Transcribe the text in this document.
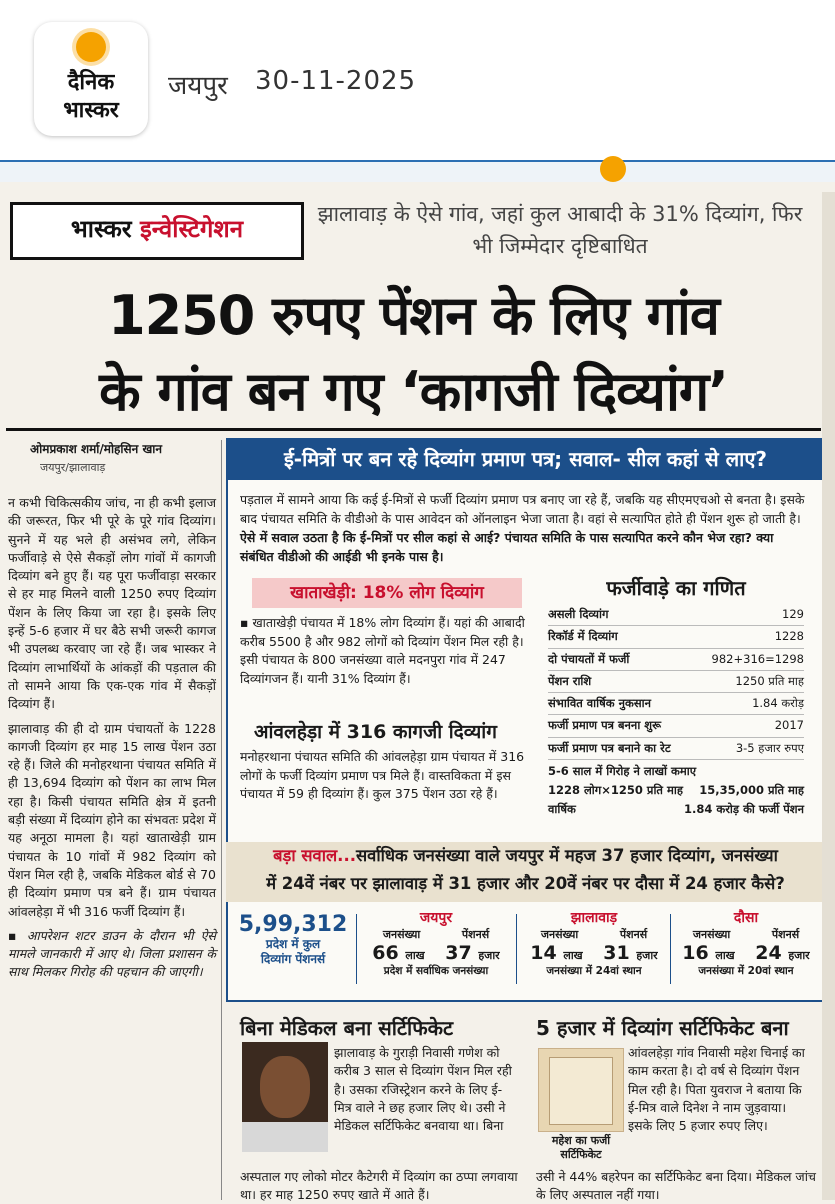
दैनिक
भास्कर
जयपुर 30-11-2025
भास्कर इन्वेस्टिगेशन
झालावाड़ के ऐसे गांव, जहां कुल आबादी के 31% दिव्यांग, फिर भी जिम्मेदार दृष्टिबाधित
1250 रुपए पेंशन के लिए गांव
के गांव बन गए ‘कागजी दिव्यांग’
ओमप्रकाश शर्मा/मोहसिन खान
जयपुर/झालावाड़

न कभी चिकित्सकीय जांच, ना ही कभी इलाज की जरूरत, फिर भी पूरे के पूरे गांव दिव्यांग। सुनने में यह भले ही असंभव लगे, लेकिन फर्जीवाड़े से ऐसे सैकड़ों लोग गांवों में कागजी दिव्यांग बने हुए हैं। यह पूरा फर्जीवाड़ा सरकार से हर माह मिलने वाली 1250 रुपए दिव्यांग पेंशन के लिए किया जा रहा है। इसके लिए इन्हें 5-6 हजार में घर बैठे सभी जरूरी कागज भी उपलब्ध करवाए जा रहे हैं। जब भास्कर ने दिव्यांग लाभार्थियों के आंकड़ों की पड़ताल की तो सामने आया कि एक-एक गांव में सैकड़ों दिव्यांग हैं।

झालावाड़ की ही दो ग्राम पंचायतों के 1228 कागजी दिव्यांग हर माह 15 लाख पेंशन उठा रहे हैं। जिले की मनोहरथाना पंचायत समिति में ही 13,694 दिव्यांग को पेंशन का लाभ मिल रहा है। किसी पंचायत समिति क्षेत्र में इतनी बड़ी संख्या में दिव्यांग होने का संभवतः प्रदेश में यह अनूठा मामला है। यहां खाताखेड़ी ग्राम पंचायत के 10 गांवों में 982 दिव्यांग को पेंशन मिल रही है, जबकि मेडिकल बोर्ड से 70 ही दिव्यांग प्रमाण पत्र बने हैं। ग्राम पंचायत आंवलहेड़ा में भी 316 फर्जी दिव्यांग हैं।

▪ आपरेशन शटर डाउन के दौरान भी ऐसे मामले जानकारी में आए थे। जिला प्रशासन के साथ मिलकर गिरोह की पहचान की जाएगी।

ई-मित्रों पर बन रहे दिव्यांग प्रमाण पत्र; सवाल- सील कहां से लाए?
पड़ताल में सामने आया कि कई ई-मित्रों से फर्जी दिव्यांग प्रमाण पत्र बनाए जा रहे हैं, जबकि यह सीएमएचओ से बनता है। इसके बाद पंचायत समिति के वीडीओ के पास आवेदन को ऑनलाइन भेजा जाता है। वहां से सत्यापित होते ही पेंशन शुरू हो जाती है। ऐसे में सवाल उठता है कि ई-मित्रों पर सील कहां से आई? पंचायत समिति के पास सत्यापित करने कौन भेज रहा? क्या संबंधित वीडीओ की आईडी भी इनके पास है।
खाताखेड़ी: 18% लोग दिव्यांग
▪ खाताखेड़ी पंचायत में 18% लोग दिव्यांग हैं। यहां की आबादी करीब 5500 है और 982 लोगों को दिव्यांग पेंशन मिल रही है। इसी पंचायत के 800 जनसंख्या वाले मदनपुरा गांव में 247 दिव्यांगजन हैं। यानी 31% दिव्यांग हैं।
आंवलहेड़ा में 316 कागजी दिव्यांग
मनोहरथाना पंचायत समिति की आंवलहेड़ा ग्राम पंचायत में 316 लोगों के फर्जी दिव्यांग प्रमाण पत्र मिले हैं। वास्तविकता में इस पंचायत में 59 ही दिव्यांग हैं। कुल 375 पेंशन उठा रहे हैं।
फर्जीवाड़े का गणित
असली दिव्यांग	129
रिकॉर्ड में दिव्यांग	1228
दो पंचायतों में फर्जी	982+316=1298
पेंशन राशि	1250 प्रति माह
संभावित वार्षिक नुकसान	1.84 करोड़
फर्जी प्रमाण पत्र बनना शुरू	2017
फर्जी प्रमाण पत्र बनाने का रेट	3-5 हजार रुपए
5-6 साल में गिरोह ने लाखों कमाए
1228 लोग×1250 प्रति माह 15,35,000 प्रति माह
वार्षिक	1.84 करोड़ की फर्जी पेंशन
बड़ा सवाल...सर्वाधिक जनसंख्या वाले जयपुर में महज 37 हजार दिव्यांग, जनसंख्या
में 24वें नंबर पर झालावाड़ में 31 हजार और 20वें नंबर पर दौसा में 24 हजार कैसे?
5,99,312
प्रदेश में कुल
दिव्यांग पेंशनर्स
जयपुर
जनसंख्या	पेंशनर्स
66 लाख 37 हजार
प्रदेश में सर्वाधिक जनसंख्या
झालावाड़
जनसंख्या	पेंशनर्स
14 लाख 31 हजार
जनसंख्या में 24वां स्थान
दौसा
जनसंख्या	पेंशनर्स
16 लाख 24 हजार
जनसंख्या में 20वां स्थान
बिना मेडिकल बना सर्टिफिकेट
झालावाड़ के गुराड़ी निवासी गणेश को करीब 3 साल से दिव्यांग पेंशन मिल रही है। उसका रजिस्ट्रेशन करने के लिए ई-मित्र वाले ने छह हजार लिए थे। उसी ने मेडिकल सर्टिफिकेट बनवाया था। बिना
अस्पताल गए लोको मोटर कैटेगरी में दिव्यांग का ठप्पा लगवाया था। हर माह 1250 रुपए खाते में आते हैं।
5 हजार में दिव्यांग सर्टिफिकेट बना
महेश का फर्जी
सर्टिफिकेट
आंवलहेड़ा गांव निवासी महेश चिनाई का काम करता है। दो वर्ष से दिव्यांग पेंशन मिल रही है। पिता युवराज ने बताया कि ई-मित्र वाले दिनेश ने नाम जुड़वाया। इसके लिए 5 हजार रुपए लिए।
उसी ने 44% बहरेपन का सर्टिफिकेट बना दिया। मेडिकल जांच के लिए अस्पताल नहीं गया।
